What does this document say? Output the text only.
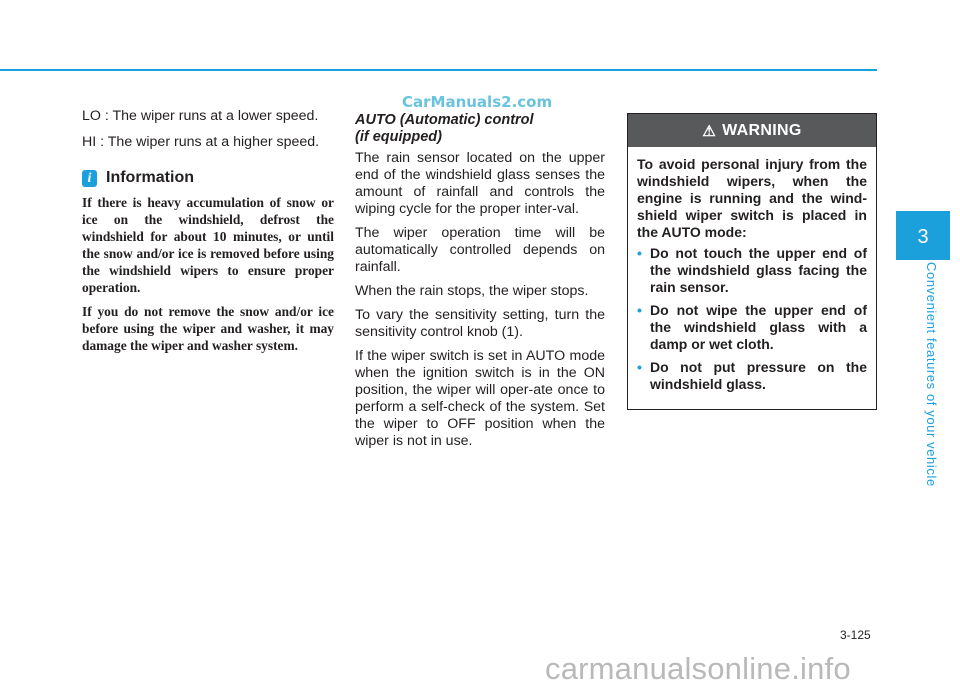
CarManuals2.com

LO : The wiper runs at a lower speed.

HI : The wiper runs at a higher speed.

i Information

If there is heavy accumulation of snow or ice on the windshield, defrost the windshield for about 10 minutes, or until the snow and/or ice is removed before using the windshield wipers to ensure proper operation.

If you do not remove the snow and/or ice before using the wiper and washer, it may damage the wiper and washer system.

AUTO (Automatic) control
(if equipped)

The rain sensor located on the upper end of the windshield glass senses the amount of rainfall and controls the wiping cycle for the proper inter-val.

The wiper operation time will be automatically controlled depends on rainfall.

When the rain stops, the wiper stops.

To vary the sensitivity setting, turn the sensitivity control knob (1).

If the wiper switch is set in AUTO mode when the ignition switch is in the ON position, the wiper will oper-ate once to perform a self-check of the system. Set the wiper to OFF position when the wiper is not in use.

⚠ WARNING

To avoid personal injury from the windshield wipers, when the engine is running and the wind-shield wiper switch is placed in the AUTO mode:

• Do not touch the upper end of the windshield glass facing the rain sensor.
• Do not wipe the upper end of the windshield glass with a damp or wet cloth.
• Do not put pressure on the windshield glass.
3
Convenient features of your vehicle
3-125
carmanualsonline.info
